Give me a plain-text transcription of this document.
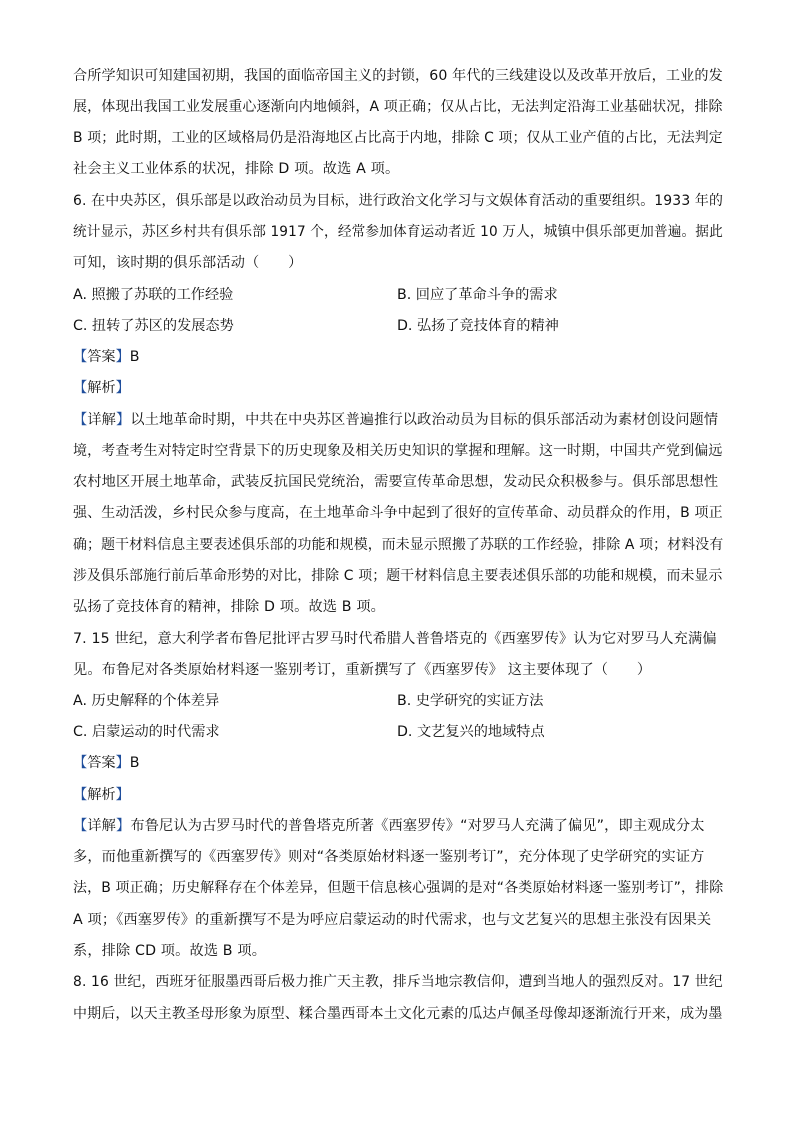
合所学知识可知建国初期，我国的面临帝国主义的封锁，60 年代的三线建设以及改革开放后，工业的发
展，体现出我国工业发展重心逐渐向内地倾斜，A 项正确；仅从占比，无法判定沿海工业基础状况，排除
B 项；此时期，工业的区域格局仍是沿海地区占比高于内地，排除 C 项；仅从工业产值的占比，无法判定
社会主义工业体系的状况，排除 D 项。故选 A 项。
6. 在中央苏区，俱乐部是以政治动员为目标，进行政治文化学习与文娱体育活动的重要组织。1933 年的
统计显示，苏区乡村共有俱乐部 1917 个，经常参加体育运动者近 10 万人，城镇中俱乐部更加普遍。据此
可知，该时期的俱乐部活动（　　）
A. 照搬了苏联的工作经验	B. 回应了革命斗争的需求
C. 扭转了苏区的发展态势	D. 弘扬了竞技体育的精神
【答案】B
【解析】
【详解】以土地革命时期，中共在中央苏区普遍推行以政治动员为目标的俱乐部活动为素材创设问题情
境，考查考生对特定时空背景下的历史现象及相关历史知识的掌握和理解。这一时期，中国共产党到偏远
农村地区开展土地革命，武装反抗国民党统治，需要宣传革命思想，发动民众积极参与。俱乐部思想性
强、生动活泼，乡村民众参与度高，在土地革命斗争中起到了很好的宣传革命、动员群众的作用，B 项正
确；题干材料信息主要表述俱乐部的功能和规模，而未显示照搬了苏联的工作经验，排除 A 项；材料没有
涉及俱乐部施行前后革命形势的对比，排除 C 项；题干材料信息主要表述俱乐部的功能和规模，而未显示
弘扬了竞技体育的精神，排除 D 项。故选 B 项。
7. 15 世纪，意大利学者布鲁尼批评古罗马时代希腊人普鲁塔克的《西塞罗传》认为它对罗马人充满偏
见。布鲁尼对各类原始材料逐一鉴别考订，重新撰写了《西塞罗传》 这主要体现了（　　）
A. 历史解释的个体差异	B. 史学研究的实证方法
C. 启蒙运动的时代需求	D. 文艺复兴的地域特点
【答案】B
【解析】
【详解】布鲁尼认为古罗马时代的普鲁塔克所著《西塞罗传》“对罗马人充满了偏见”，即主观成分太
多，而他重新撰写的《西塞罗传》则对“各类原始材料逐一鉴别考订”，充分体现了史学研究的实证方
法，B 项正确；历史解释存在个体差异，但题干信息核心强调的是对“各类原始材料逐一鉴别考订”，排除
A 项；《西塞罗传》的重新撰写不是为呼应启蒙运动的时代需求，也与文艺复兴的思想主张没有因果关
系，排除 CD 项。故选 B 项。
8. 16 世纪，西班牙征服墨西哥后极力推广天主教，排斥当地宗教信仰，遭到当地人的强烈反对。17 世纪
中期后，以天主教圣母形象为原型、糅合墨西哥本土文化元素的瓜达卢佩圣母像却逐渐流行开来，成为墨
